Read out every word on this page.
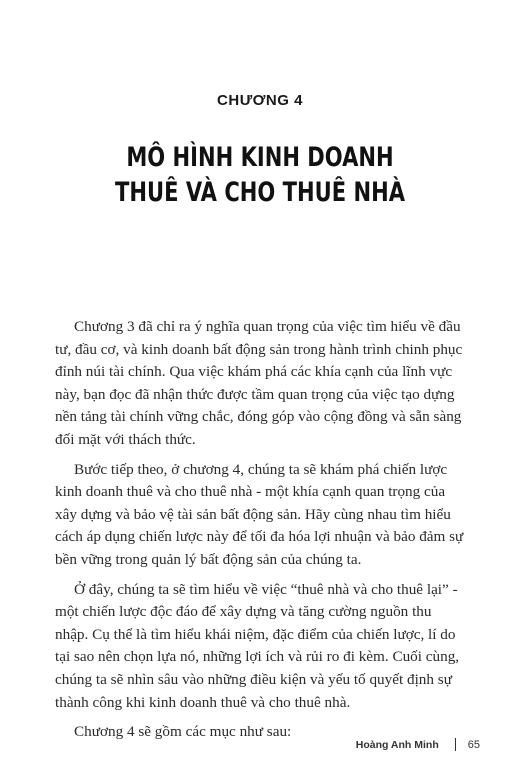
CHƯƠNG 4
MÔ HÌNH KINH DOANH
THUÊ VÀ CHO THUÊ NHÀ

Chương 3 đã chỉ ra ý nghĩa quan trọng của việc tìm hiểu về đầu tư, đầu cơ, và kinh doanh bất động sản trong hành trình chinh phục đỉnh núi tài chính. Qua việc khám phá các khía cạnh của lĩnh vực này, bạn đọc đã nhận thức được tầm quan trọng của việc tạo dựng nền tảng tài chính vững chắc, đóng góp vào cộng đồng và sẵn sàng đối mặt với thách thức.

Bước tiếp theo, ở chương 4, chúng ta sẽ khám phá chiến lược kinh doanh thuê và cho thuê nhà - một khía cạnh quan trọng của xây dựng và bảo vệ tài sản bất động sản. Hãy cùng nhau tìm hiểu cách áp dụng chiến lược này để tối đa hóa lợi nhuận và bảo đảm sự bền vững trong quản lý bất động sản của chúng ta.

Ở đây, chúng ta sẽ tìm hiểu về việc “thuê nhà và cho thuê lại” - một chiến lược độc đáo để xây dựng và tăng cường nguồn thu nhập. Cụ thể là tìm hiểu khái niệm, đặc điểm của chiến lược, lí do tại sao nên chọn lựa nó, những lợi ích và rủi ro đi kèm. Cuối cùng, chúng ta sẽ nhìn sâu vào những điều kiện và yếu tố quyết định sự thành công khi kinh doanh thuê và cho thuê nhà.

Chương 4 sẽ gồm các mục như sau:

Hoàng Anh Minh	65
